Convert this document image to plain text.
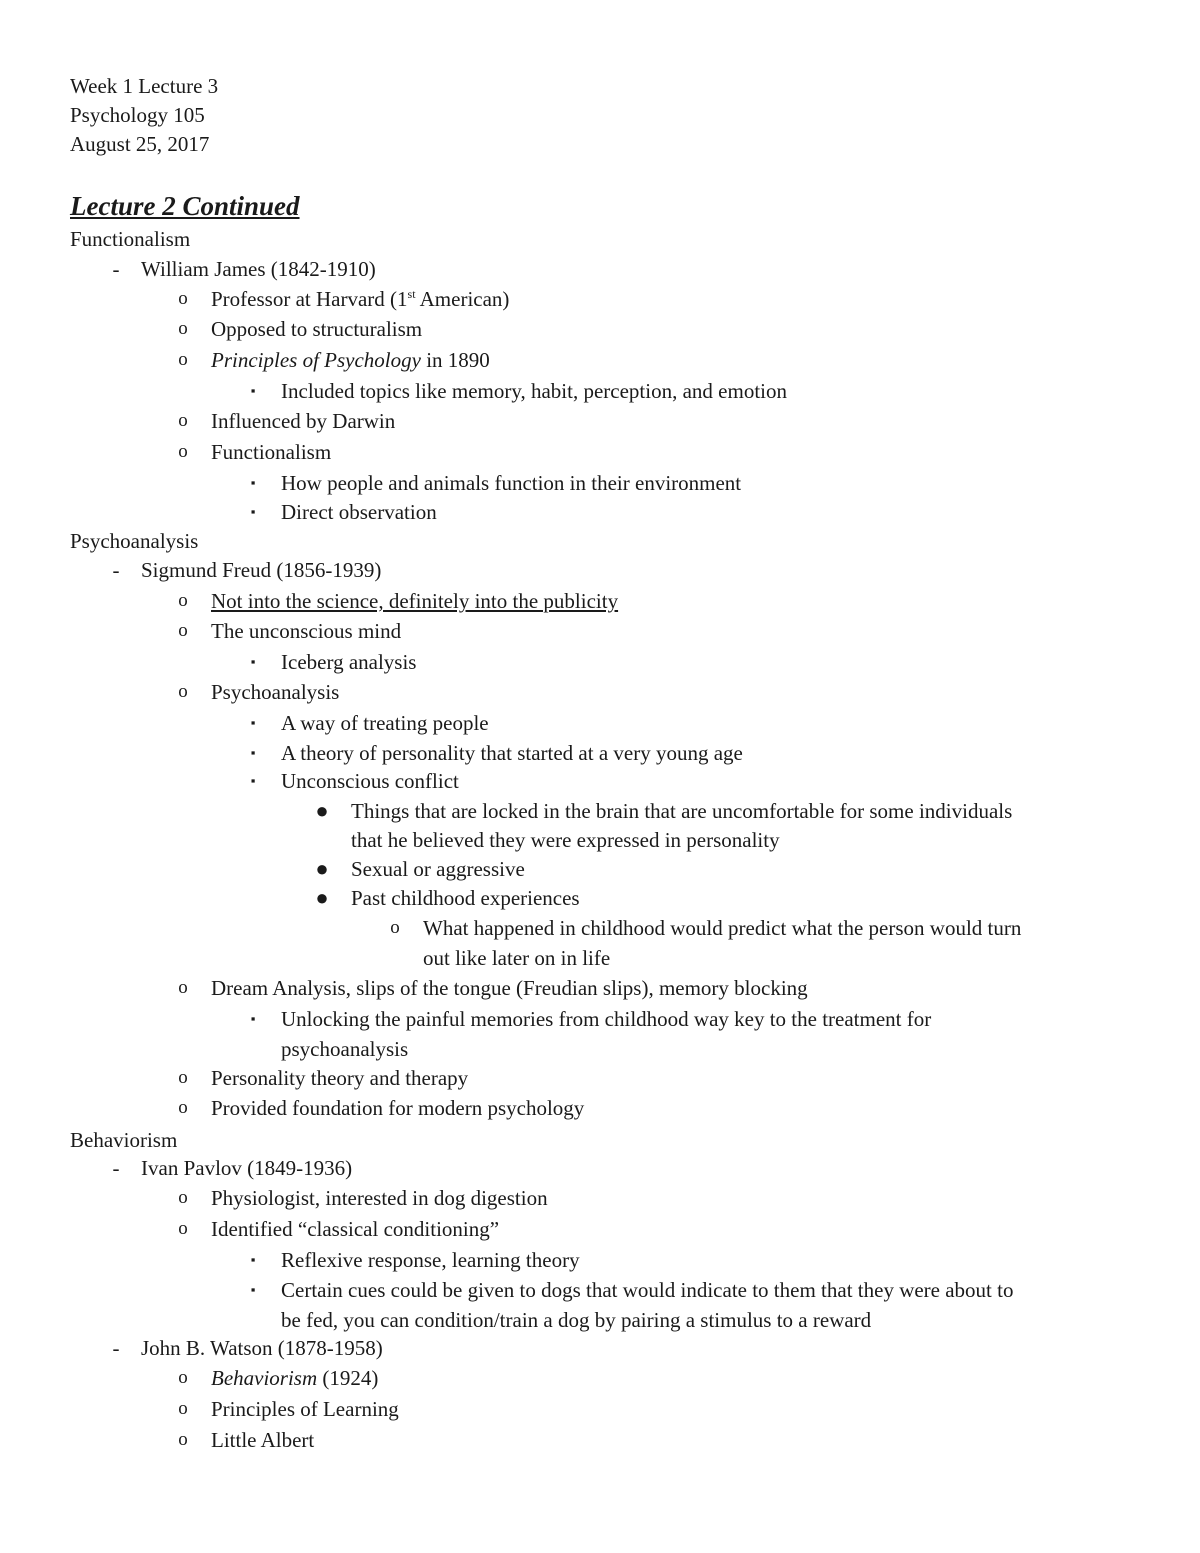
Week 1 Lecture 3
Psychology 105
August 25, 2017
Lecture 2 Continued
Functionalism
-	William James (1842-1910)
o Professor at Harvard (1st American)
o Opposed to structuralism
o Principles of Psychology in 1890
▪	Included topics like memory, habit, perception, and emotion
o Influenced by Darwin
o Functionalism
▪	How people and animals function in their environment
▪	Direct observation
Psychoanalysis
-	Sigmund Freud (1856-1939)
o Not into the science, definitely into the publicity
o The unconscious mind
▪	Iceberg analysis
o Psychoanalysis
▪	A way of treating people
▪	A theory of personality that started at a very young age
▪	Unconscious conflict
● Things that are locked in the brain that are uncomfortable for some individuals
that he believed they were expressed in personality
● Sexual or aggressive
● Past childhood experiences
o What happened in childhood would predict what the person would turn
out like later on in life
o Dream Analysis, slips of the tongue (Freudian slips), memory blocking
▪	Unlocking the painful memories from childhood way key to the treatment for
psychoanalysis
o Personality theory and therapy
o Provided foundation for modern psychology
Behaviorism
-	Ivan Pavlov (1849-1936)
o Physiologist, interested in dog digestion
o Identified “classical conditioning”
▪	Reflexive response, learning theory
▪	Certain cues could be given to dogs that would indicate to them that they were about to
be fed, you can condition/train a dog by pairing a stimulus to a reward
-	John B. Watson (1878-1958)
o Behaviorism (1924)
o Principles of Learning
o Little Albert
